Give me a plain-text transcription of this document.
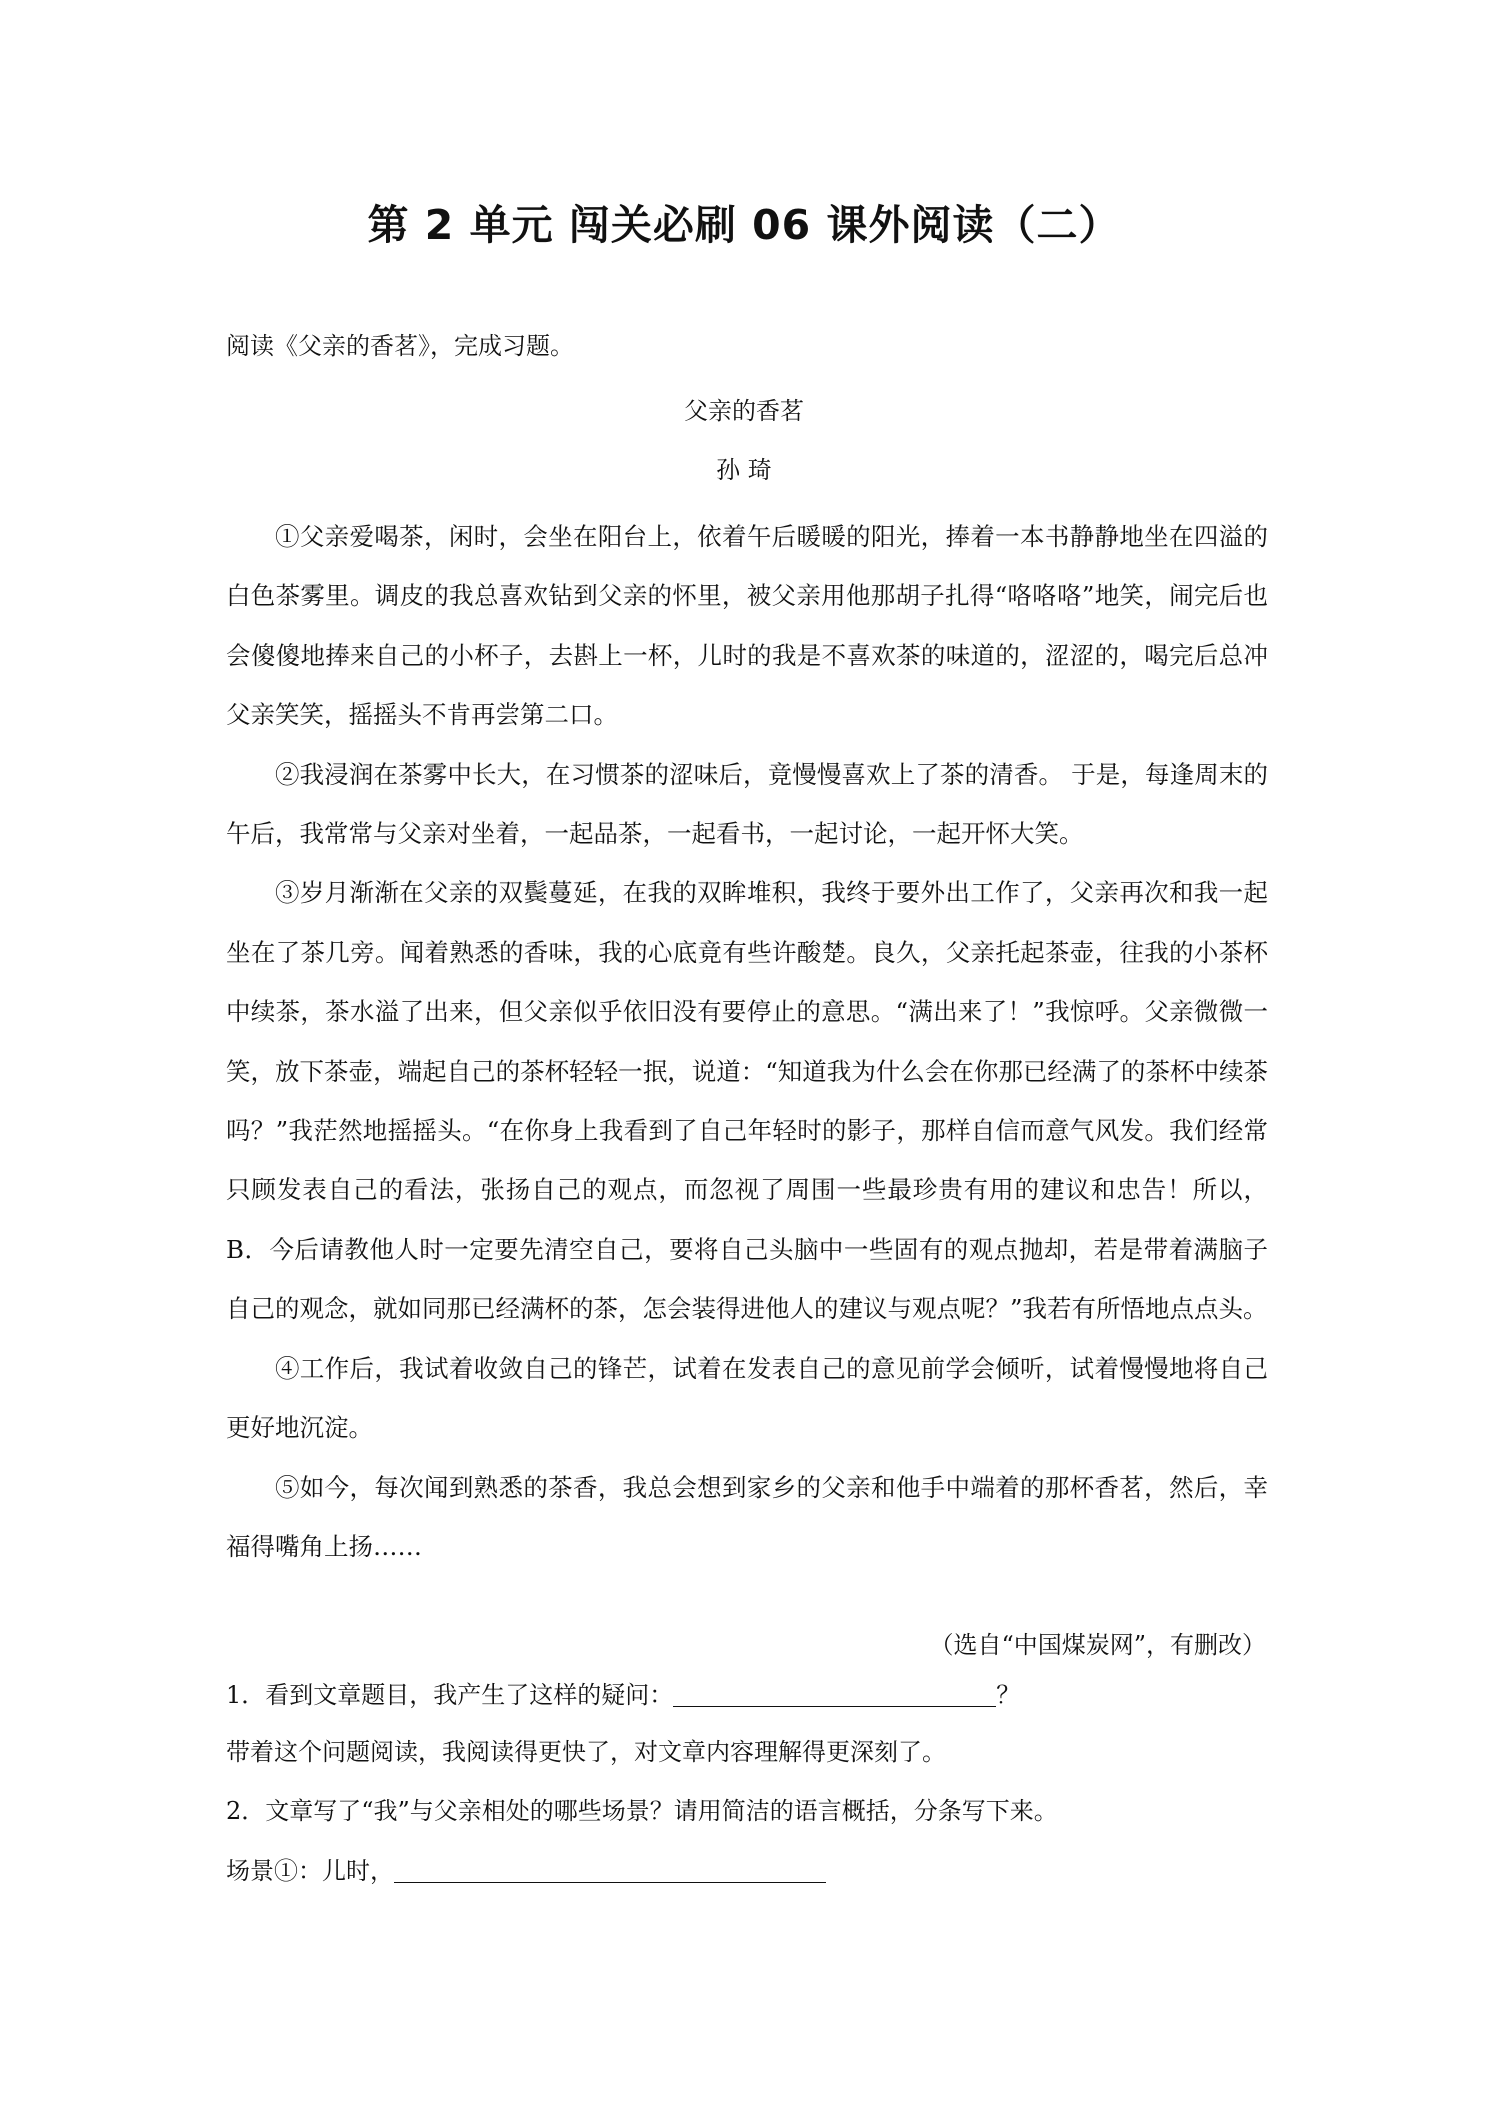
第 2 单元 闯关必刷 06 课外阅读（二）
阅读《父亲的香茗》，完成习题。
父亲的香茗
孙 琦

①父亲爱喝茶，闲时，会坐在阳台上，依着午后暖暖的阳光，捧着一本书静静地坐在四溢的白色茶雾里。调皮的我总喜欢钻到父亲的怀里，被父亲用他那胡子扎得“咯咯咯”地笑，闹完后也会傻傻地捧来自己的小杯子，去斟上一杯，儿时的我是不喜欢茶的味道的，涩涩的，喝完后总冲父亲笑笑，摇摇头不肯再尝第二口。

②我浸润在茶雾中长大，在习惯茶的涩味后，竟慢慢喜欢上了茶的清香。 于是，每逢周末的午后，我常常与父亲对坐着，一起品茶，一起看书，一起讨论，一起开怀大笑。

③岁月渐渐在父亲的双鬓蔓延，在我的双眸堆积，我终于要外出工作了，父亲再次和我一起坐在了茶几旁。闻着熟悉的香味，我的心底竟有些许酸楚。良久，父亲托起茶壶，往我的小茶杯中续茶，茶水溢了出来，但父亲似乎依旧没有要停止的意思。“满出来了！”我惊呼。父亲微微一笑，放下茶壶，端起自己的茶杯轻轻一抿，说道：“知道我为什么会在你那已经满了的茶杯中续茶吗？”我茫然地摇摇头。“在你身上我看到了自己年轻时的影子，那样自信而意气风发。我们经常只顾发表自己的看法，张扬自己的观点，而忽视了周围一些最珍贵有用的建议和忠告！所以， B．今后请教他人时一定要先清空自己，要将自己头脑中一些固有的观点抛却，若是带着满脑子自己的观念，就如同那已经满杯的茶，怎会装得进他人的建议与观点呢？”我若有所悟地点点头。

④工作后，我试着收敛自己的锋芒，试着在发表自己的意见前学会倾听，试着慢慢地将自己更好地沉淀。

⑤如今，每次闻到熟悉的茶香，我总会想到家乡的父亲和他手中端着的那杯香茗，然后，幸福得嘴角上扬……

（选自“中国煤炭网”，有删改）
1．看到文章题目，我产生了这样的疑问：	？
带着这个问题阅读，我阅读得更快了，对文章内容理解得更深刻了。
2．文章写了“我”与父亲相处的哪些场景？请用简洁的语言概括，分条写下来。
场景①：儿时，
